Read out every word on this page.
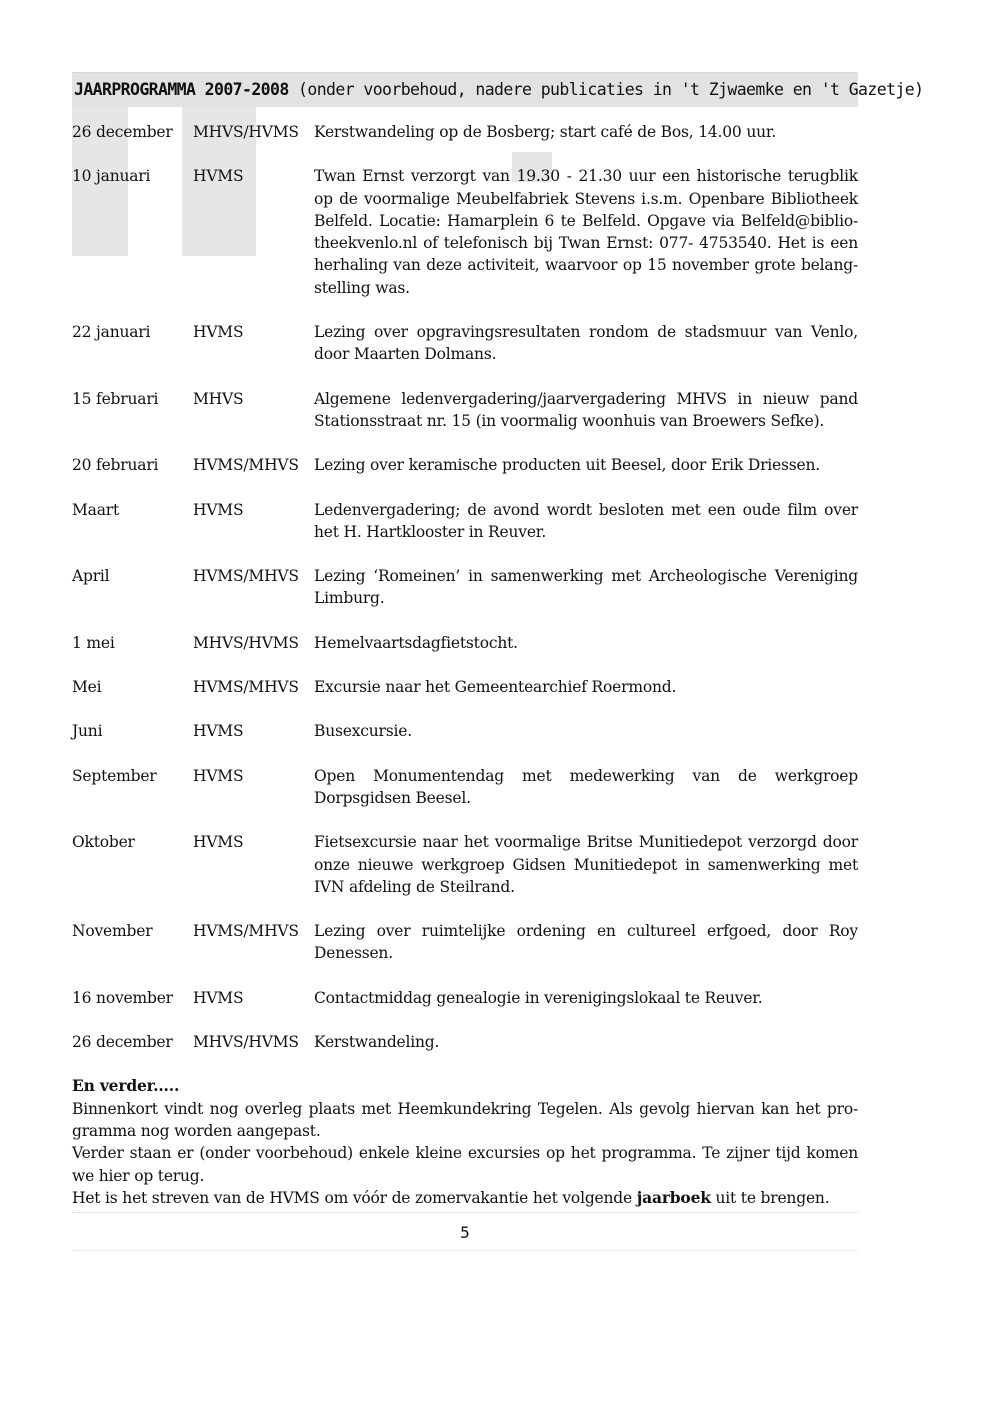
JAARPROGRAMMA 2007-2008 (onder voorbehoud, nadere publicaties in 't Zjwaemke en 't Gazetje)
26 december	MHVS/HVMS Kerstwandeling op de Bosberg; start café de Bos, 14.00 uur.
10 januari	HVMS	Twan Ernst verzorgt van 19.30 - 21.30 uur een historische terugblik op de voormalige Meubelfabriek Stevens i.s.m. Openbare Bibliotheek Belfeld. Locatie: Hamarplein 6 te Belfeld. Opgave via Belfeld@biblio-theekvenlo.nl of telefonisch bij Twan Ernst: 077- 4753540. Het is een herhaling van deze activiteit, waarvoor op 15 november grote belang-stelling was.
22 januari	HVMS	Lezing over opgravingsresultaten rondom de stadsmuur van Venlo, door Maarten Dolmans.
15 februari	MHVS	Algemene ledenvergadering/jaarvergadering MHVS in nieuw pand Stationsstraat nr. 15 (in voormalig woonhuis van Broewers Sefke).
20 februari	HVMS/MHVS Lezing over keramische producten uit Beesel, door Erik Driessen.
Maart	HVMS	Ledenvergadering; de avond wordt besloten met een oude film over het H. Hartklooster in Reuver.
April	HVMS/MHVS Lezing ‘Romeinen’ in samenwerking met Archeologische Vereniging Limburg.
1 mei	MHVS/HVMS Hemelvaartsdagfietstocht.
Mei	HVMS/MHVS Excursie naar het Gemeentearchief Roermond.
Juni	HVMS	Busexcursie.
September	HVMS	Open Monumentendag met medewerking van de werkgroep Dorpsgidsen Beesel.
Oktober	HVMS	Fietsexcursie naar het voormalige Britse Munitiedepot verzorgd door onze nieuwe werkgroep Gidsen Munitiedepot in samenwerking met IVN afdeling de Steilrand.
November	HVMS/MHVS Lezing over ruimtelijke ordening en cultureel erfgoed, door Roy Denessen.
16 november	HVMS	Contactmiddag genealogie in verenigingslokaal te Reuver.
26 december	MHVS/HVMS Kerstwandeling.

En verder.....

Binnenkort vindt nog overleg plaats met Heemkundekring Tegelen. Als gevolg hiervan kan het pro-gramma nog worden aangepast.

Verder staan er (onder voorbehoud) enkele kleine excursies op het programma. Te zijner tijd komen we hier op terug.

Het is het streven van de HVMS om vóór de zomervakantie het volgende jaarboek uit te brengen.

5
